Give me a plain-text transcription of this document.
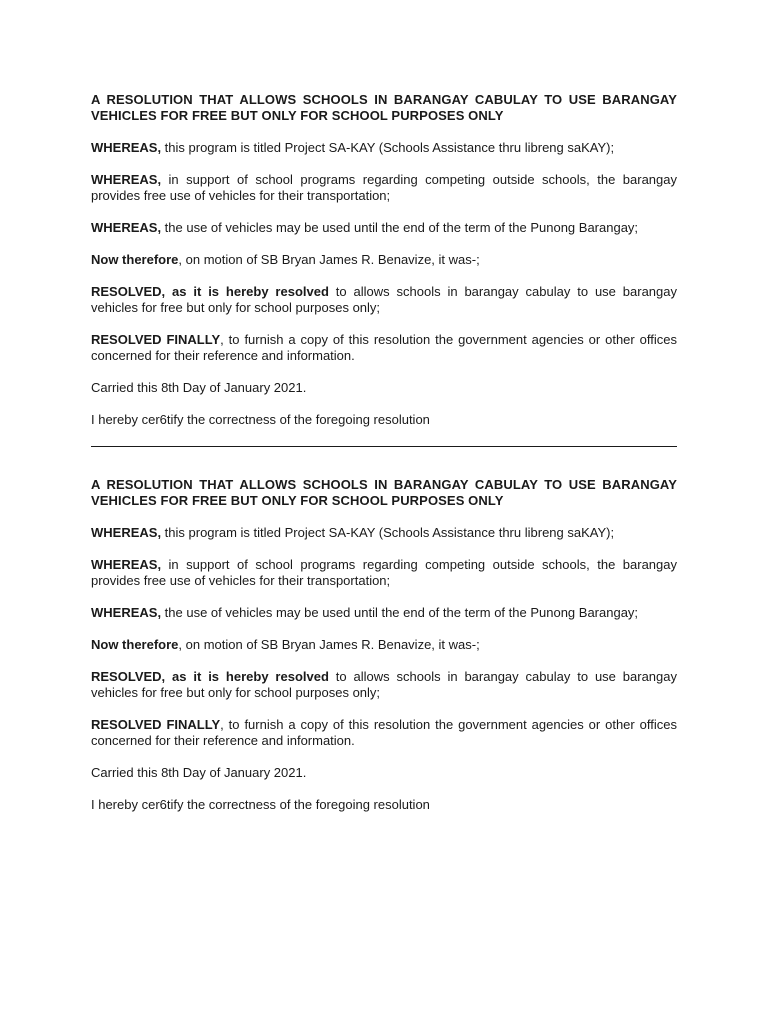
A RESOLUTION THAT ALLOWS SCHOOLS IN BARANGAY CABULAY TO USE BARANGAY VEHICLES FOR FREE BUT ONLY FOR SCHOOL PURPOSES ONLY

WHEREAS, this program is titled Project SA-KAY (Schools Assistance thru libreng saKAY);

WHEREAS, in support of school programs regarding competing outside schools, the barangay provides free use of vehicles for their transportation;

WHEREAS, the use of vehicles may be used until the end of the term of the Punong Barangay;

Now therefore, on motion of SB Bryan James R. Benavize, it was-;

RESOLVED, as it is hereby resolved to allows schools in barangay cabulay to use barangay vehicles for free but only for school purposes only;

RESOLVED FINALLY, to furnish a copy of this resolution the government agencies or other offices concerned for their reference and information.

Carried this 8th Day of January 2021.

I hereby cer6tify the correctness of the foregoing resolution

A RESOLUTION THAT ALLOWS SCHOOLS IN BARANGAY CABULAY TO USE BARANGAY VEHICLES FOR FREE BUT ONLY FOR SCHOOL PURPOSES ONLY

WHEREAS, this program is titled Project SA-KAY (Schools Assistance thru libreng saKAY);

WHEREAS, in support of school programs regarding competing outside schools, the barangay provides free use of vehicles for their transportation;

WHEREAS, the use of vehicles may be used until the end of the term of the Punong Barangay;

Now therefore, on motion of SB Bryan James R. Benavize, it was-;

RESOLVED, as it is hereby resolved to allows schools in barangay cabulay to use barangay vehicles for free but only for school purposes only;

RESOLVED FINALLY, to furnish a copy of this resolution the government agencies or other offices concerned for their reference and information.

Carried this 8th Day of January 2021.

I hereby cer6tify the correctness of the foregoing resolution
